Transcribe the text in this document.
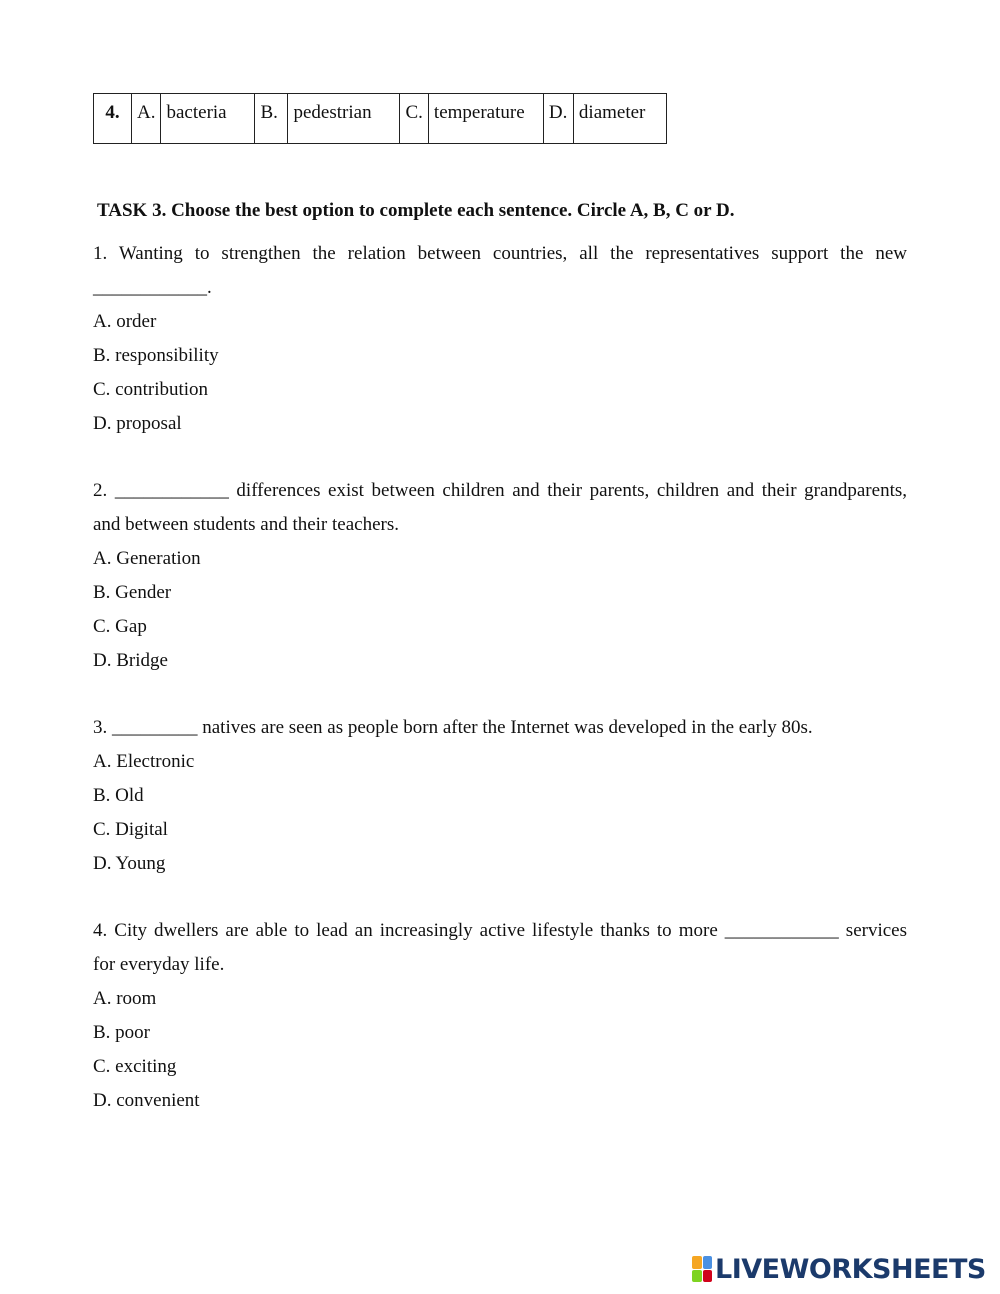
4.	A.	bacteria	B.	pedestrian	C.	temperature	D.	diameter

TASK 3. Choose the best option to complete each sentence. Circle A, B, C or D.

1. Wanting to strengthen the relation between countries, all the representatives support the new
____________.
A. order
B. responsibility
C. contribution
D. proposal
2. ____________ differences exist between children and their parents, children and their grandparents,
and between students and their teachers.
A. Generation
B. Gender
C. Gap
D. Bridge
3. _________ natives are seen as people born after the Internet was developed in the early 80s.
A. Electronic
B. Old
C. Digital
D. Young
4. City dwellers are able to lead an increasingly active lifestyle thanks to more ____________ services
for everyday life.
A. room
B. poor
C. exciting
D. convenient
LIVEWORKSHEETS
